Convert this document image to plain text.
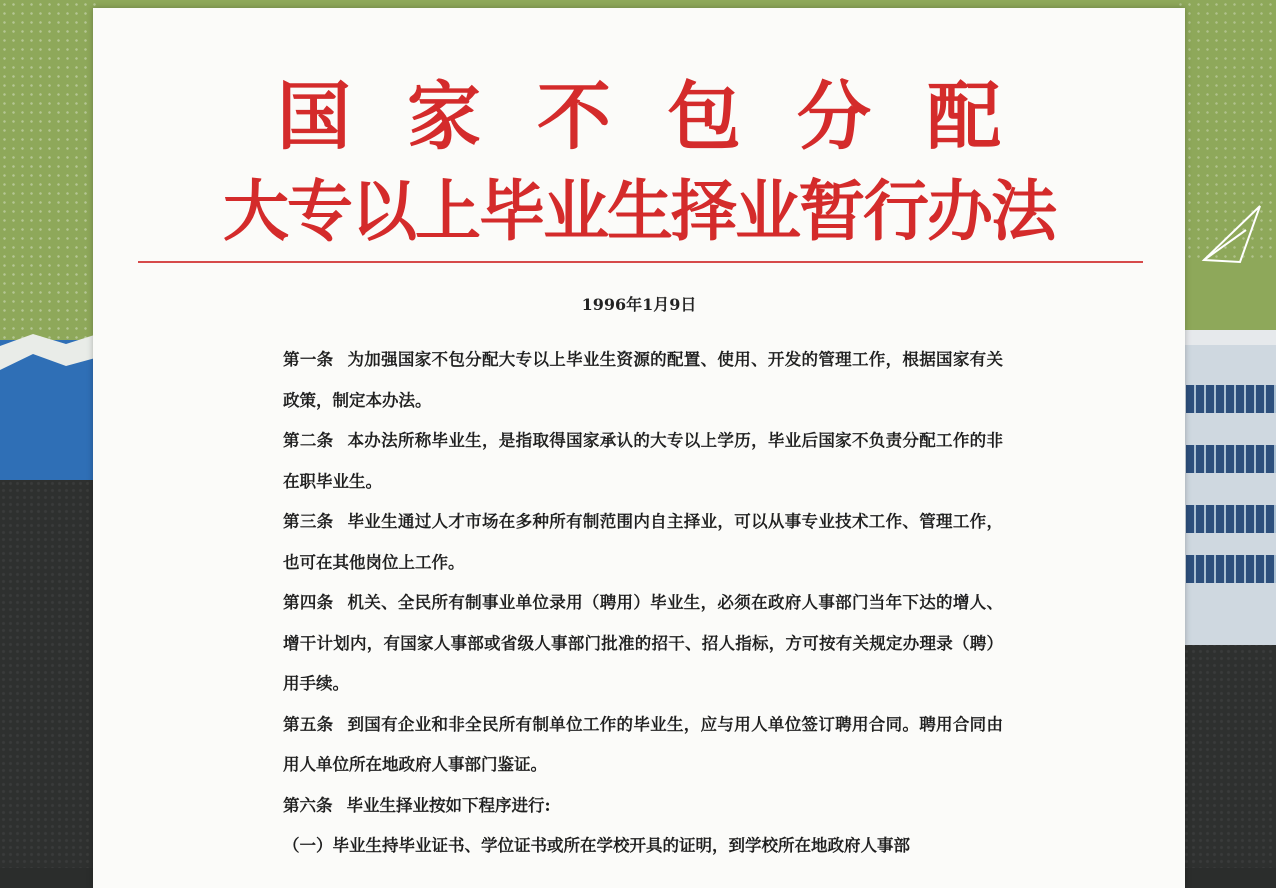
国家不包分配
大专以上毕业生择业暂行办法
1996年1月9日

第一条 为加强国家不包分配大专以上毕业生资源的配置、使用、开发的管理工作，根据国家有关政策，制定本办法。

第二条 本办法所称毕业生，是指取得国家承认的大专以上学历，毕业后国家不负责分配工作的非在职毕业生。

第三条 毕业生通过人才市场在多种所有制范围内自主择业，可以从事专业技术工作、管理工作，也可在其他岗位上工作。

第四条 机关、全民所有制事业单位录用（聘用）毕业生，必须在政府人事部门当年下达的增人、增干计划内，有国家人事部或省级人事部门批准的招干、招人指标，方可按有关规定办理录（聘）用手续。

第五条 到国有企业和非全民所有制单位工作的毕业生，应与用人单位签订聘用合同。聘用合同由用人单位所在地政府人事部门鉴证。

第六条 毕业生择业按如下程序进行:

（一）毕业生持毕业证书、学位证书或所在学校开具的证明，到学校所在地政府人事部
